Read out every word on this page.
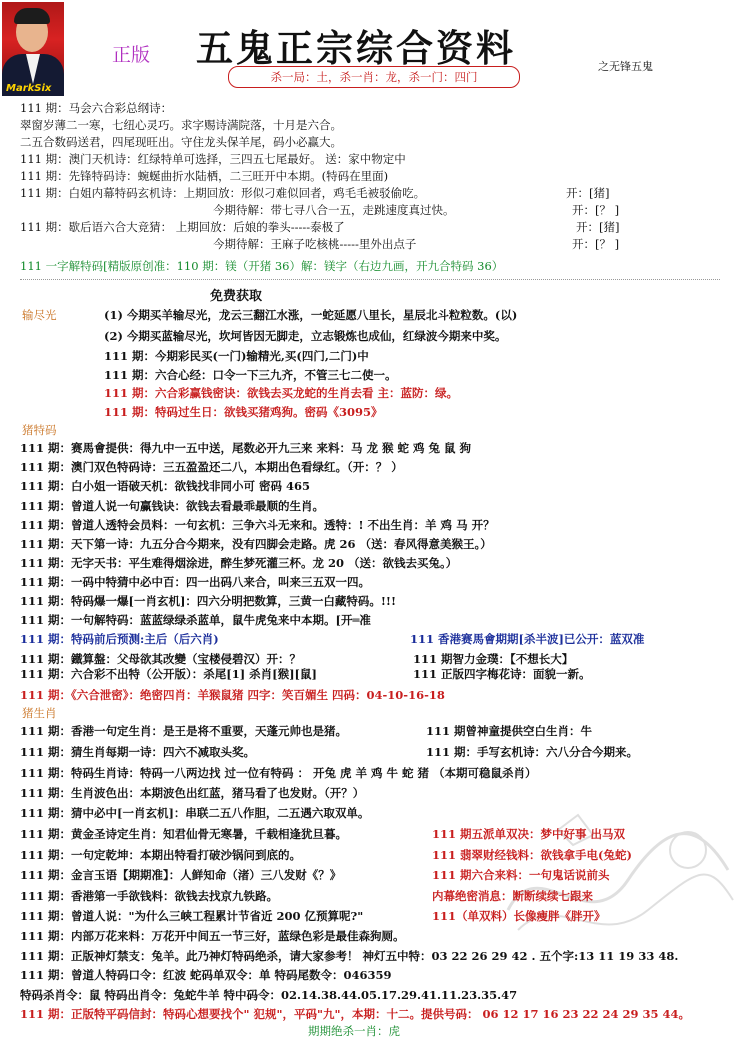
MarkSix
正版 五鬼正宗综合资料	之无锋五鬼
杀一局：土，杀一肖：龙，杀一门：四门
免费获取
111 期：马会六合彩总纲诗：
翠窗岁薄二一寒，七纽心灵巧。求字赐诗满院落，十月是六合。
二五合数码送君，四尾现旺出。守住龙头保羊尾，码小必赢大。
111 期：澳门天机诗：红绿特单可选择，三四五七尾最好。 送：家中物定中
111 期：先锋特码诗：蜿蜒曲折水陆栖，二三旺开中本期。(特码在里面)
111 期：白姐内幕特码玄机诗：上期回放：形似刁难似回者，鸡毛毛被驳偷吃。	开：[猪]
今期待解：带七寻八合一五，走跳速度真过快。	开：[？ ]
111 期：歇后语六合大竞猜： 上期回放：后娘的拳头-----泰极了	开：[猪]
今期待解：王麻子吃核桃-----里外出点子	开：[？ ]
111 一字解特码[精版原创准：110 期：镁（开猪 36）解：镁字（右边九画，开九合特码 36）
输尽光	(1) 今期买羊输尽光，龙云三翻江水涨，一蛇延愿八里长，星辰北斗粒粒数。(以)
(2) 今期买蓝输尽光，坎坷皆因无脚走，立志锻炼也成仙，红绿波今期来中奖。
111 期：今期彩民买(一门)输精光,买(四门,二门)中
111 期：六合心经：口令一下三九齐，不管三七二使一。
111 期：六合彩赢钱密诀：欲钱去买龙蛇的生肖去看 主：蓝防：绿。
111 期：特码过生日：欲钱买猪鸡狗。密码《3095》
猪特码
111 期：赛馬會提供：得九中一五中送，尾数必开九三来 来料：马 龙 猴 蛇 鸡 兔 鼠 狗
111 期：澳门双色特码诗：三五盈盈还二八，本期出色看绿红。（开：？ ）
111 期：白小姐一语破天机：欲钱找非同小可 密码 465
111 期：曾道人说一句赢钱诀：欲钱去看最乖最顺的生肖。
111 期：曾道人透特会员料：一句玄机：三争六斗无来和。透特：! 不出生肖：羊 鸡 马 开？
111 期：天下第一诗：九五分合今期来，没有四脚会走路。虎 26 （送：春风得意美猴王。）
111 期：无字天书：平生难得烟涂进，醉生梦死灌三杯。龙 20 （送：欲钱去买兔。）
111 期：一码中特猜中必中百：四一出码八来合，叫来三五双一四。
111 期：特码爆一爆[一肖玄机]：四六分明把数算，三黄一白藏特码。!!!
111 期：一句解特码：蓝蓝绿绿杀蓝单，鼠牛虎兔来中本期。[开═准
111 期：特码前后预测:主后（后六肖)	111 香港赛馬會期期[杀半波]已公开：蓝双准
111 期：鐵算盤：父母欲其改變（宝楼侵碧汉）开：？	111 期智力金璞：【不想长大】
111 期：六合彩不出特（公开版）：杀尾[1] 杀肖[猴][鼠]	111 正版四字梅花诗：面貌一新。
111 期：《六合泄密》：绝密四肖：羊猴鼠猪 四字：笑百媚生 四码：04-10-16-18
猪生肖
111 期：香港一句定生肖：是王是将不重要，天蓬元帅也是猪。	111 期曾神童提供空白生肖：牛
111 期：猜生肖每期一诗：四六不减取头奖。	111 期：手写玄机诗：六八分合今期来。
111 期：特码生肖诗：特码一八两边找 过一位有特码 ： 开兔 虎 羊 鸡 牛 蛇 猪 （本期可稳鼠杀肖）
111 期：生肖波色出：本期波色出红蓝，猪马看了也发财。（开？）
111 期：猜中必中[一肖玄机]：串联二五八作胆，二五遇六取双单。
111 期：黄金圣诗定生肖：知君仙骨无寒暑，千载相逢犹旦暮。	111 期五派单双决：梦中好事 出马双
111 期：一句定乾坤：本期出特看打破沙锅问到底的。	111 翡翠财经钱料：欲钱拿手电(兔蛇)
111 期：金言玉语【期期准】：人鲜知命（渚）三八发财《？》	111 期六合来料：一句鬼话说前头
111 期：香港第一手欲钱料：欲钱去找京九铁路。	内幕绝密消息：断断续续七跟来
111 期：曾道人说："为什么三峡工程累计节省近 200 亿预算呢?"	111（单双料）长像瘦胖《胖开》
111 期：内部万花来料：万花开中间五一节三好，蓝绿色彩是最佳森狗厕。
111 期：正版神灯禁支：兔羊。此乃神灯特码绝杀，请大家参考！ 神灯五中特：03 22 26 29 42 . 五个字:13 11 19 33 48.
111 期：曾道人特码口令：红波 蛇码单双令：单 特码尾数令：046359
特码杀肖令：鼠 特码出肖令：兔蛇牛羊 特中码令：02.14.38.44.05.17.29.41.11.23.35.47
111 期：正版特平码信封：特码心想要找个" 犯规"，平码"九"，本期：十二。提供号码： 06 12 17 16 23 22 24 29 35 44。
期期绝杀一肖：虎
